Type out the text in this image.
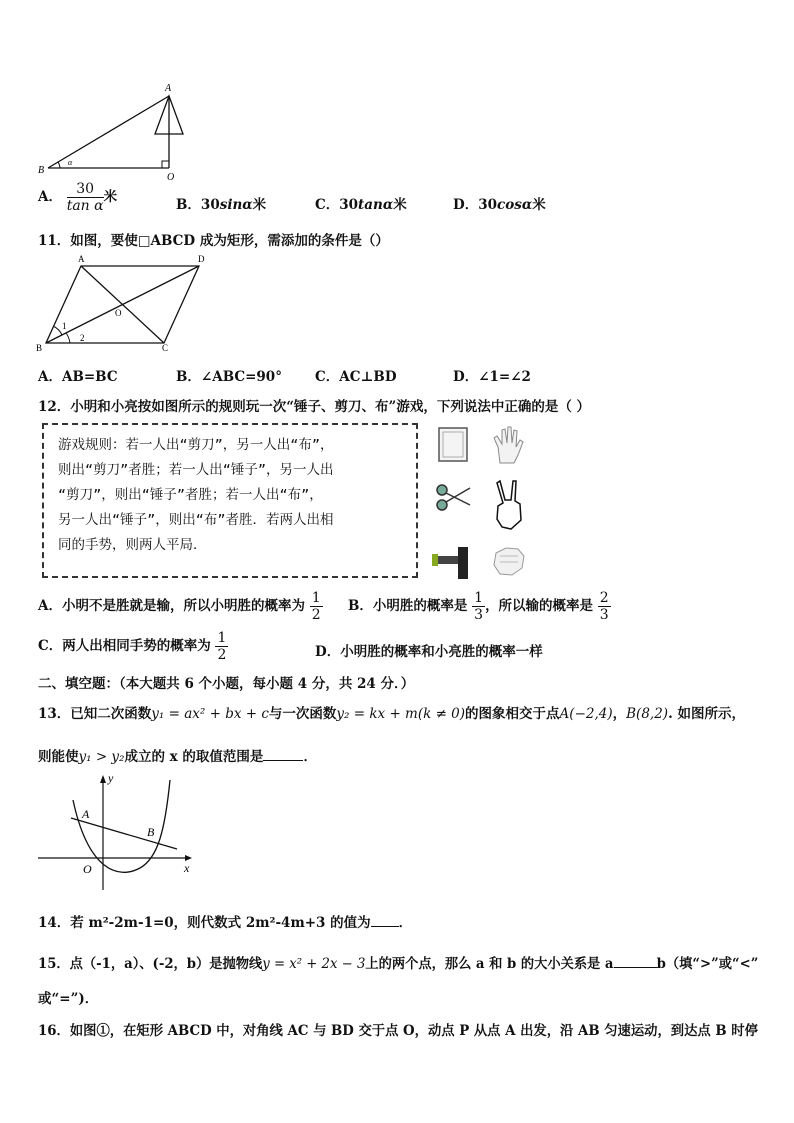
A
B
O
α
A． $\frac{30}{\text{tan α}}$ 米	B．30sinα米	C．30tanα米	D．30cosα米
11．如图，要使□ABCD 成为矩形，需添加的条件是（）
A	D
B	C
O
1
2
A．AB=BC	B．∠ABC=90° C．AC⊥BD	D．∠1=∠2
12．小明和小亮按如图所示的规则玩一次“锤子、剪刀、布”游戏，下列说法中正确的是（ ）
游戏规则：若一人出“剪刀”，另一人出“布”，
则出“剪刀”者胜；若一人出“锤子”，另一人出
“剪刀”，则出“锤子”者胜；若一人出“布”，
另一人出“锤子”，则出“布”者胜．若两人出相
同的手势，则两人平局．
A．小明不是胜就是输，所以小明胜的概率为 $\frac{1}{2}$ B．小明胜的概率是 $\frac{1}{3}$ ，所以输的概率是 $\frac{2}{3}$
C．两人出相同手势的概率为 $\frac{1}{2}$	D．小明胜的概率和小亮胜的概率一样
二、填空题：（本大题共 6 个小题，每小题 4 分，共 24 分．）
13．已知二次函数y₁ = ax² + bx + c与一次函数y₂ = kx + m(k ≠ 0)的图象相交于点A(−2,4)，B(8,2). 如图所示，
则能使y₁ > y₂成立的 x 的取值范围是	．
y
x
A
B
O
14．若 m²-2m-1=0，则代数式 2m²-4m+3 的值为 ．
15．点（-1，a）、(-2，b）是抛物线y = x² + 2x − 3上的两个点，那么 a 和 b 的大小关系是 a	b（填“>”或“<”
或“=”)．
16．如图①，在矩形 ABCD 中，对角线 AC 与 BD 交于点 O，动点 P 从点 A 出发，沿 AB 匀速运动，到达点 B 时停
